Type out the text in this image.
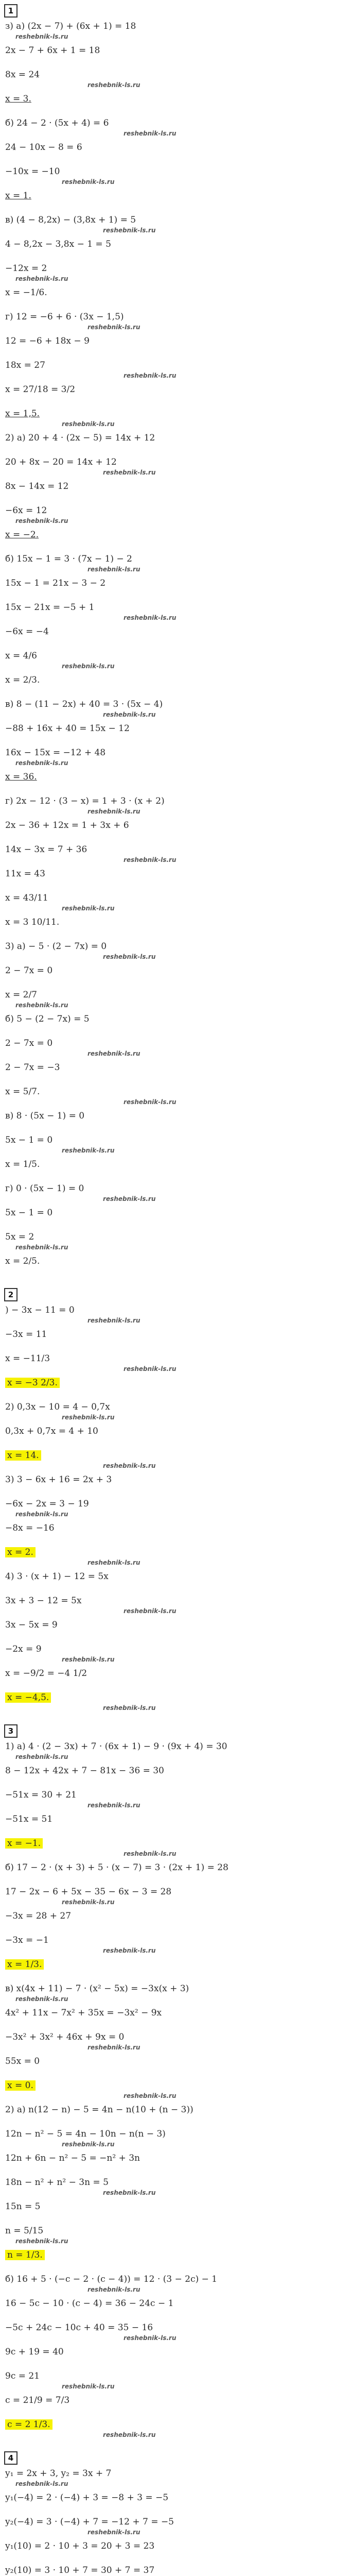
1
з) а) (2x − 7) + (6x + 1) = 18
reshebnik-ls.ru
2x − 7 + 6x + 1 = 18
8x = 24
reshebnik-ls.ru
x = 3.
б) 24 − 2 · (5x + 4) = 6
reshebnik-ls.ru
24 − 10x − 8 = 6
−10x = −10
reshebnik-ls.ru
x = 1.
в) (4 − 8,2x) − (3,8x + 1) = 5
reshebnik-ls.ru
4 − 8,2x − 3,8x − 1 = 5
−12x = 2
reshebnik-ls.ru
x = −1/6.
г) 12 = −6 + 6 · (3x − 1,5)
reshebnik-ls.ru
12 = −6 + 18x − 9
18x = 27
reshebnik-ls.ru
x = 27/18 = 3/2
x = 1,5.
reshebnik-ls.ru
2) а) 20 + 4 · (2x − 5) = 14x + 12
20 + 8x − 20 = 14x + 12
reshebnik-ls.ru
8x − 14x = 12
−6x = 12
reshebnik-ls.ru
x = −2.
б) 15x − 1 = 3 · (7x − 1) − 2
reshebnik-ls.ru
15x − 1 = 21x − 3 − 2
15x − 21x = −5 + 1
reshebnik-ls.ru
−6x = −4
x = 4/6
reshebnik-ls.ru
x = 2/3.
в) 8 − (11 − 2x) + 40 = 3 · (5x − 4)
reshebnik-ls.ru
−88 + 16x + 40 = 15x − 12
16x − 15x = −12 + 48
reshebnik-ls.ru
x = 36.
г) 2x − 12 · (3 − x) = 1 + 3 · (x + 2)
reshebnik-ls.ru
2x − 36 + 12x = 1 + 3x + 6
14x − 3x = 7 + 36
reshebnik-ls.ru
11x = 43
x = 43/11
reshebnik-ls.ru
x = 3 10/11.
3) а) − 5 · (2 − 7x) = 0
reshebnik-ls.ru
2 − 7x = 0
x = 2/7
reshebnik-ls.ru
б) 5 − (2 − 7x) = 5
2 − 7x = 0
reshebnik-ls.ru
2 − 7x = −3
x = 5/7.
reshebnik-ls.ru
в) 8 · (5x − 1) = 0
5x − 1 = 0
reshebnik-ls.ru
x = 1/5.
г) 0 · (5x − 1) = 0
reshebnik-ls.ru
5x − 1 = 0
5x = 2
reshebnik-ls.ru
x = 2/5.
2
) − 3x − 11 = 0
reshebnik-ls.ru
−3x = 11
x = −11/3
reshebnik-ls.ru
x = −3 2/3.
2) 0,3x − 10 = 4 − 0,7x
reshebnik-ls.ru
0,3x + 0,7x = 4 + 10
x = 14.
reshebnik-ls.ru
3) 3 − 6x + 16 = 2x + 3
−6x − 2x = 3 − 19
reshebnik-ls.ru
−8x = −16
x = 2.
reshebnik-ls.ru
4) 3 · (x + 1) − 12 = 5x
3x + 3 − 12 = 5x
reshebnik-ls.ru
3x − 5x = 9
−2x = 9
reshebnik-ls.ru
x = −9/2 = −4 1/2
x = −4,5.
reshebnik-ls.ru
3
1) а) 4 · (2 − 3x) + 7 · (6x + 1) − 9 · (9x + 4) = 30
reshebnik-ls.ru
8 − 12x + 42x + 7 − 81x − 36 = 30
−51x = 30 + 21
reshebnik-ls.ru
−51x = 51
x = −1.
reshebnik-ls.ru
б) 17 − 2 · (x + 3) + 5 · (x − 7) = 3 · (2x + 1) = 28
17 − 2x − 6 + 5x − 35 − 6x − 3 = 28
reshebnik-ls.ru
−3x = 28 + 27
−3x = −1
reshebnik-ls.ru
x = 1/3.
в) x(4x + 11) − 7 · (x² − 5x) = −3x(x + 3)
reshebnik-ls.ru
4x² + 11x − 7x² + 35x = −3x² − 9x
−3x² + 3x² + 46x + 9x = 0
reshebnik-ls.ru
55x = 0
x = 0.
reshebnik-ls.ru
2) а) n(12 − n) − 5 = 4n − n(10 + (n − 3))
12n − n² − 5 = 4n − 10n − n(n − 3)
reshebnik-ls.ru
12n + 6n − n² − 5 = −n² + 3n
18n − n² + n² − 3n = 5
reshebnik-ls.ru
15n = 5
n = 5/15
reshebnik-ls.ru
n = 1/3.
б) 16 + 5 · (−c − 2 · (c − 4)) = 12 · (3 − 2c) − 1
reshebnik-ls.ru
16 − 5c − 10 · (c − 4) = 36 − 24c − 1
−5c + 24c − 10c + 40 = 35 − 16
reshebnik-ls.ru
9c + 19 = 40
9c = 21
reshebnik-ls.ru
c = 21/9 = 7/3
c = 2 1/3.
reshebnik-ls.ru
4
y₁ = 2x + 3, y₂ = 3x + 7
reshebnik-ls.ru
y₁(−4) = 2 · (−4) + 3 = −8 + 3 = −5
y₂(−4) = 3 · (−4) + 7 = −12 + 7 = −5
reshebnik-ls.ru
y₁(10) = 2 · 10 + 3 = 20 + 3 = 23
y₂(10) = 3 · 10 + 7 = 30 + 7 = 37
